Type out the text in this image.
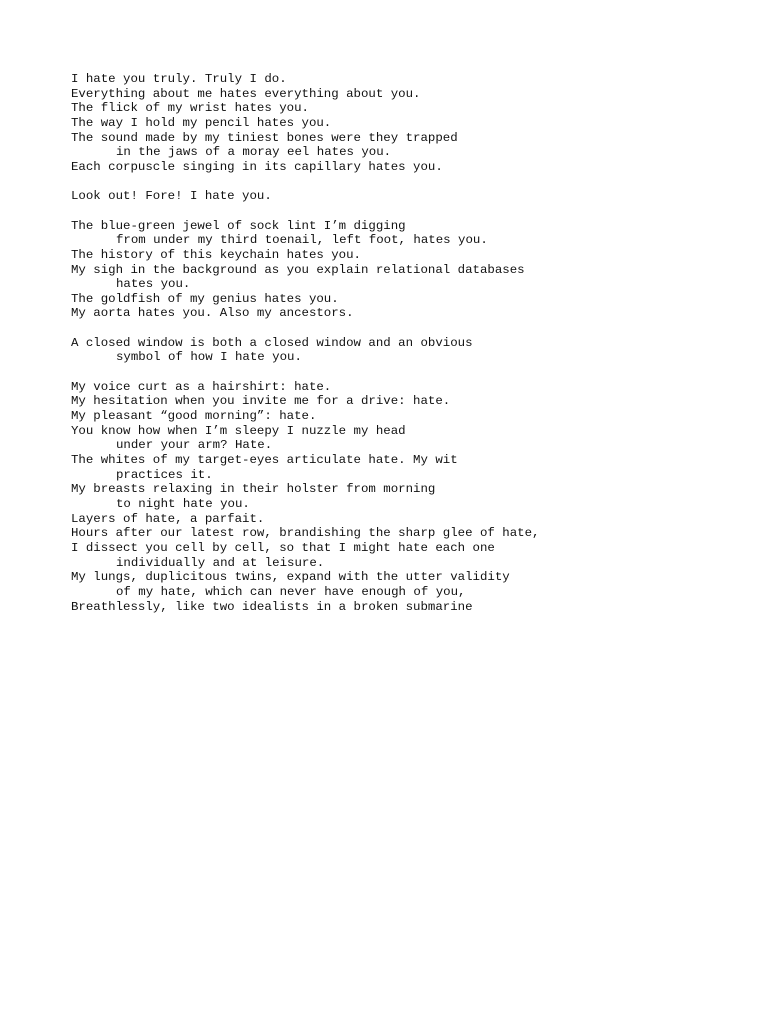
I hate you truly. Truly I do.
Everything about me hates everything about you.
The flick of my wrist hates you.
The way I hold my pencil hates you.
The sound made by my tiniest bones were they trapped
in the jaws of a moray eel hates you.
Each corpuscle singing in its capillary hates you.
Look out! Fore! I hate you.
The blue-green jewel of sock lint I’m digging
from under my third toenail, left foot, hates you.
The history of this keychain hates you.
My sigh in the background as you explain relational databases
hates you.
The goldfish of my genius hates you.
My aorta hates you. Also my ancestors.
A closed window is both a closed window and an obvious
symbol of how I hate you.
My voice curt as a hairshirt: hate.
My hesitation when you invite me for a drive: hate.
My pleasant “good morning”: hate.
You know how when I’m sleepy I nuzzle my head
under your arm? Hate.
The whites of my target-eyes articulate hate. My wit
practices it.
My breasts relaxing in their holster from morning
to night hate you.
Layers of hate, a parfait.
Hours after our latest row, brandishing the sharp glee of hate,
I dissect you cell by cell, so that I might hate each one
individually and at leisure.
My lungs, duplicitous twins, expand with the utter validity
of my hate, which can never have enough of you,
Breathlessly, like two idealists in a broken submarine
